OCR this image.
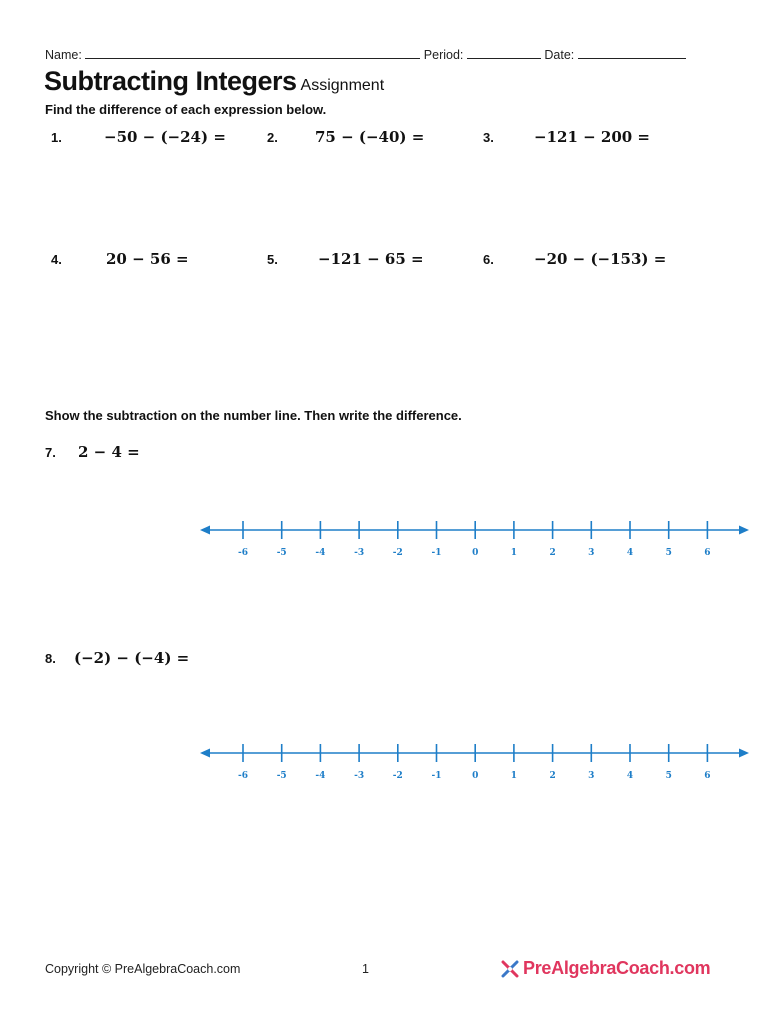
Name:	Period:	Date:
Subtracting Integers Assignment
Find the difference of each expression below.
1.	−50 − (−24) =	2. 75 − (−40) =	3.	−121 − 200 =
4.	20 − 56 =	5.	−121 − 65 =	6.	−20 − (−153) =
Show the subtraction on the number line. Then write the difference.
7. 2 − 4 =
-6	-5	-4	-3	-2	-1	0	1	2	3	4	5	6
8. (−2) − (−4) =
-6	-5	-4	-3	-2	-1	0	1	2	3	4	5	6
Copyright © PreAlgebraCoach.com	1	PreAlgebraCoach.com
